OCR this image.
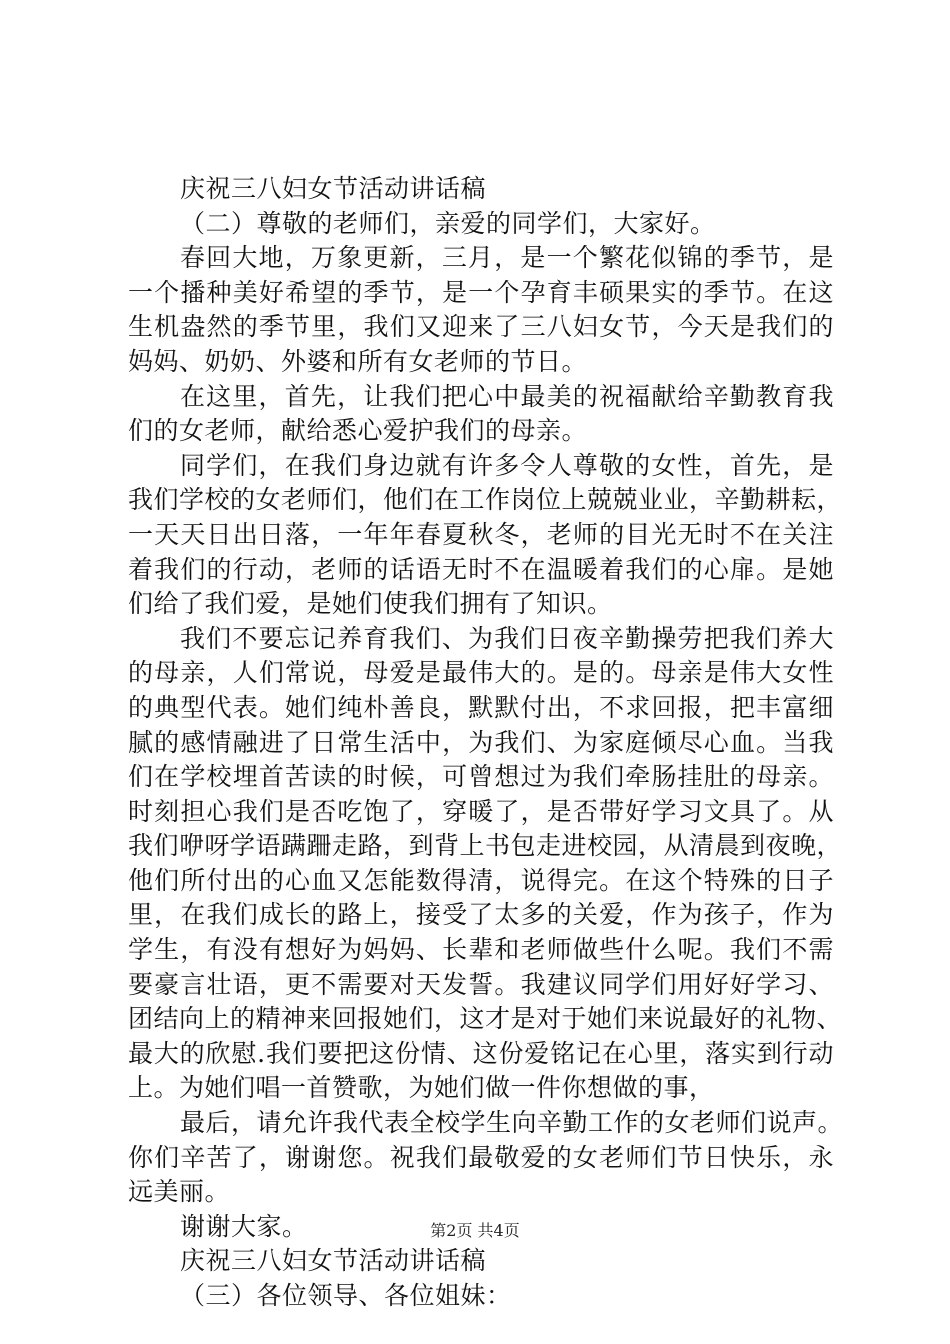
庆祝三八妇女节活动讲话稿
（二）尊敬的老师们，亲爱的同学们，大家好。
春回大地，万象更新，三月，是一个繁花似锦的季节，是
一个播种美好希望的季节，是一个孕育丰硕果实的季节。在这
生机盎然的季节里，我们又迎来了三八妇女节，今天是我们的
妈妈、奶奶、外婆和所有女老师的节日。
在这里，首先，让我们把心中最美的祝福献给辛勤教育我
们的女老师，献给悉心爱护我们的母亲。
同学们，在我们身边就有许多令人尊敬的女性，首先，是
我们学校的女老师们，他们在工作岗位上兢兢业业，辛勤耕耘，
一天天日出日落，一年年春夏秋冬，老师的目光无时不在关注
着我们的行动，老师的话语无时不在温暖着我们的心扉。是她
们给了我们爱，是她们使我们拥有了知识。
我们不要忘记养育我们、为我们日夜辛勤操劳把我们养大
的母亲，人们常说，母爱是最伟大的。是的。母亲是伟大女性
的典型代表。她们纯朴善良，默默付出，不求回报，把丰富细
腻的感情融进了日常生活中，为我们、为家庭倾尽心血。当我
们在学校埋首苦读的时候，可曾想过为我们牵肠挂肚的母亲。
时刻担心我们是否吃饱了，穿暖了，是否带好学习文具了。从
我们咿呀学语蹒跚走路，到背上书包走进校园，从清晨到夜晚，
他们所付出的心血又怎能数得清，说得完。在这个特殊的日子
里，在我们成长的路上，接受了太多的关爱，作为孩子，作为
学生，有没有想好为妈妈、长辈和老师做些什么呢。我们不需
要豪言壮语，更不需要对天发誓。我建议同学们用好好学习、
团结向上的精神来回报她们，这才是对于她们来说最好的礼物、
最大的欣慰.我们要把这份情、这份爱铭记在心里，落实到行动
上。为她们唱一首赞歌，为她们做一件你想做的事，
最后，请允许我代表全校学生向辛勤工作的女老师们说声。
你们辛苦了，谢谢您。祝我们最敬爱的女老师们节日快乐，永
远美丽。
谢谢大家。
庆祝三八妇女节活动讲话稿
（三）各位领导、各位姐妹：
第2页 共4页
